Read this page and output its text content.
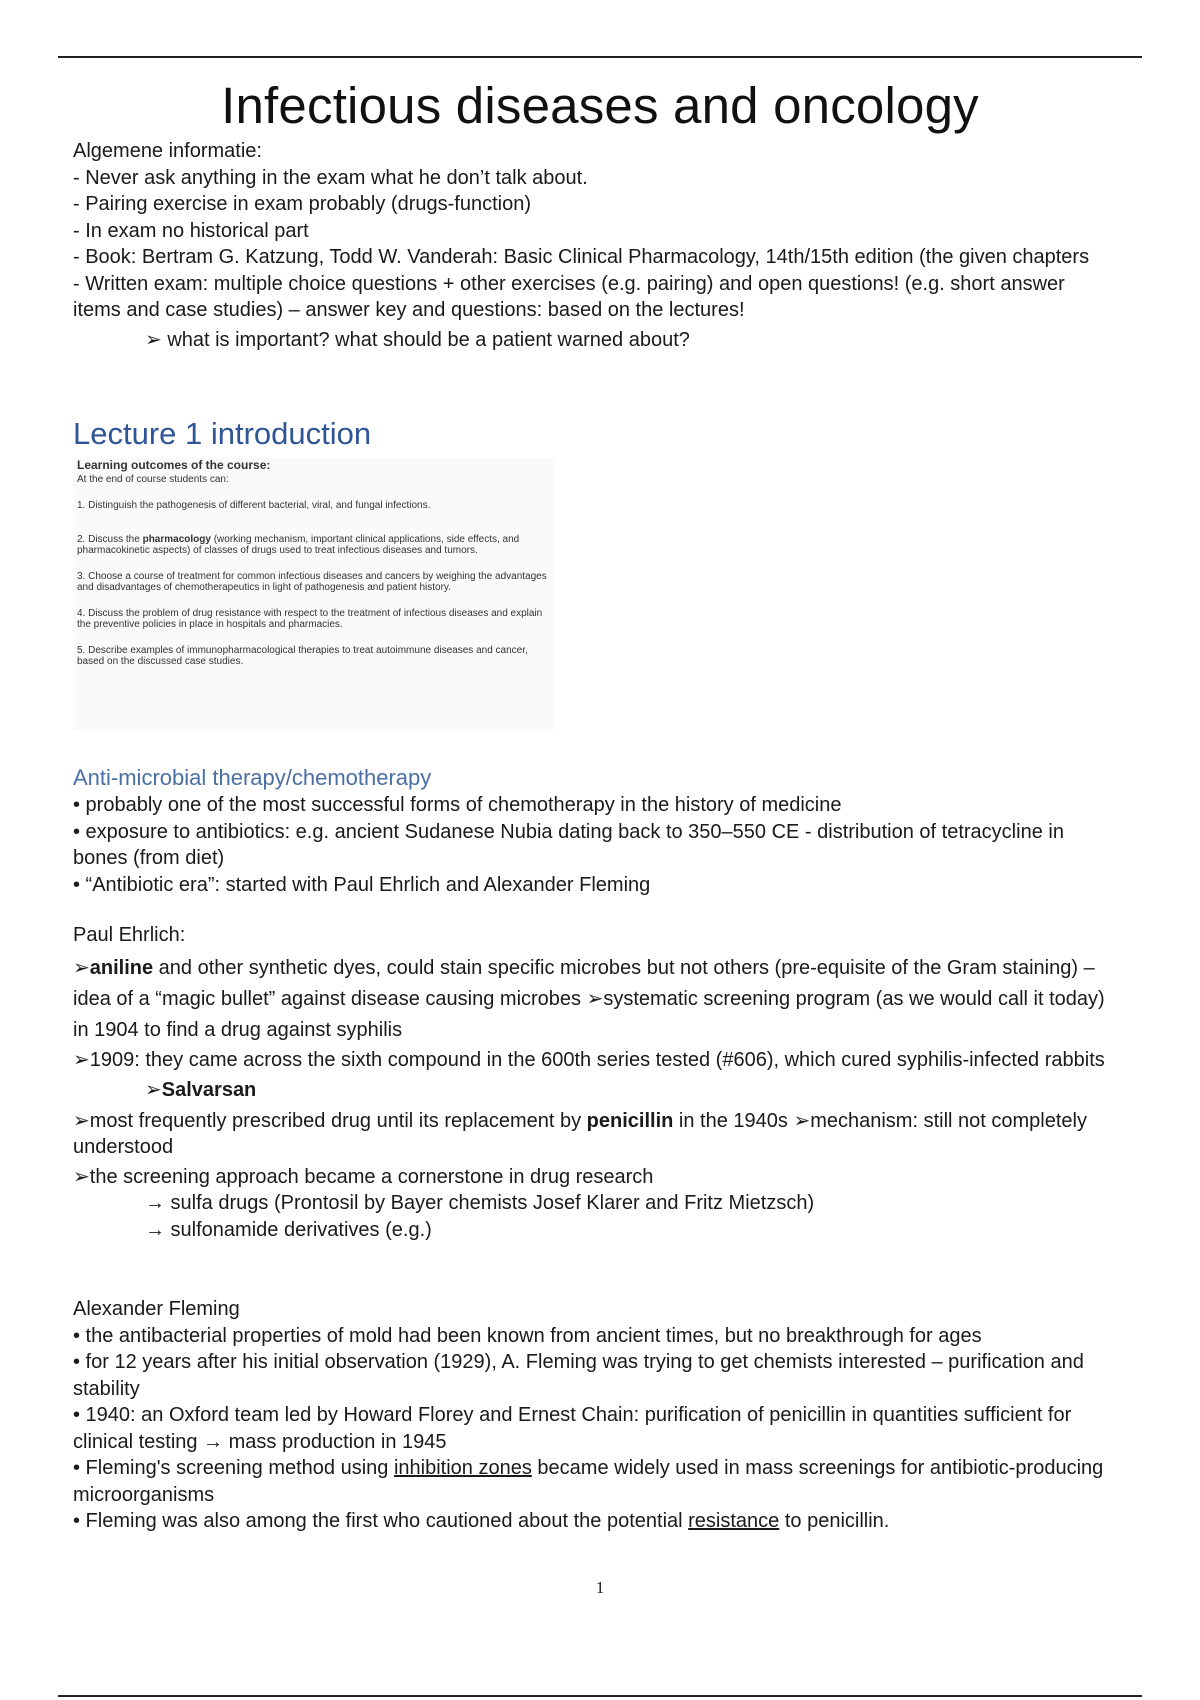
Infectious diseases and oncology

Algemene informatie:

- Never ask anything in the exam what he don’t talk about.

- Pairing exercise in exam probably (drugs-function)

- In exam no historical part

- Book: Bertram G. Katzung, Todd W. Vanderah: Basic Clinical Pharmacology, 14th/15th edition (the given chapters

- Written exam: multiple choice questions + other exercises (e.g. pairing) and open questions! (e.g. short answer items and case studies) – answer key and questions: based on the lectures!

➢ what is important? what should be a patient warned about?

Lecture 1 introduction

Learning outcomes of the course:

At the end of course students can:

1. Distinguish the pathogenesis of different bacterial, viral, and fungal infections.

2. Discuss the pharmacology (working mechanism, important clinical applications, side effects, and pharmacokinetic aspects) of classes of drugs used to treat infectious diseases and tumors.

3. Choose a course of treatment for common infectious diseases and cancers by weighing the advantages and disadvantages of chemotherapeutics in light of pathogenesis and patient history.

4. Discuss the problem of drug resistance with respect to the treatment of infectious diseases and explain the preventive policies in place in hospitals and pharmacies.

5. Describe examples of immunopharmacological therapies to treat autoimmune diseases and cancer, based on the discussed case studies.

Anti-microbial therapy/chemotherapy

• probably one of the most successful forms of chemotherapy in the history of medicine

• exposure to antibiotics: e.g. ancient Sudanese Nubia dating back to 350–550 CE - distribution of tetracycline in bones (from diet)

• “Antibiotic era”: started with Paul Ehrlich and Alexander Fleming

Paul Ehrlich:

➢aniline and other synthetic dyes, could stain specific microbes but not others (pre-equisite of the Gram staining) – idea of a “magic bullet” against disease causing microbes ➢systematic screening program (as we would call it today) in 1904 to find a drug against syphilis

➢1909: they came across the sixth compound in the 600th series tested (#606), which cured syphilis-infected rabbits

➢Salvarsan

➢most frequently prescribed drug until its replacement by penicillin in the 1940s ➢mechanism: still not completely understood

➢the screening approach became a cornerstone in drug research

→ sulfa drugs (Prontosil by Bayer chemists Josef Klarer and Fritz Mietzsch)

→ sulfonamide derivatives (e.g.)

Alexander Fleming

• the antibacterial properties of mold had been known from ancient times, but no breakthrough for ages

• for 12 years after his initial observation (1929), A. Fleming was trying to get chemists interested – purification and stability

• 1940: an Oxford team led by Howard Florey and Ernest Chain: purification of penicillin in quantities sufficient for clinical testing → mass production in 1945

• Fleming's screening method using inhibition zones became widely used in mass screenings for antibiotic-producing microorganisms

• Fleming was also among the first who cautioned about the potential resistance to penicillin.

1
